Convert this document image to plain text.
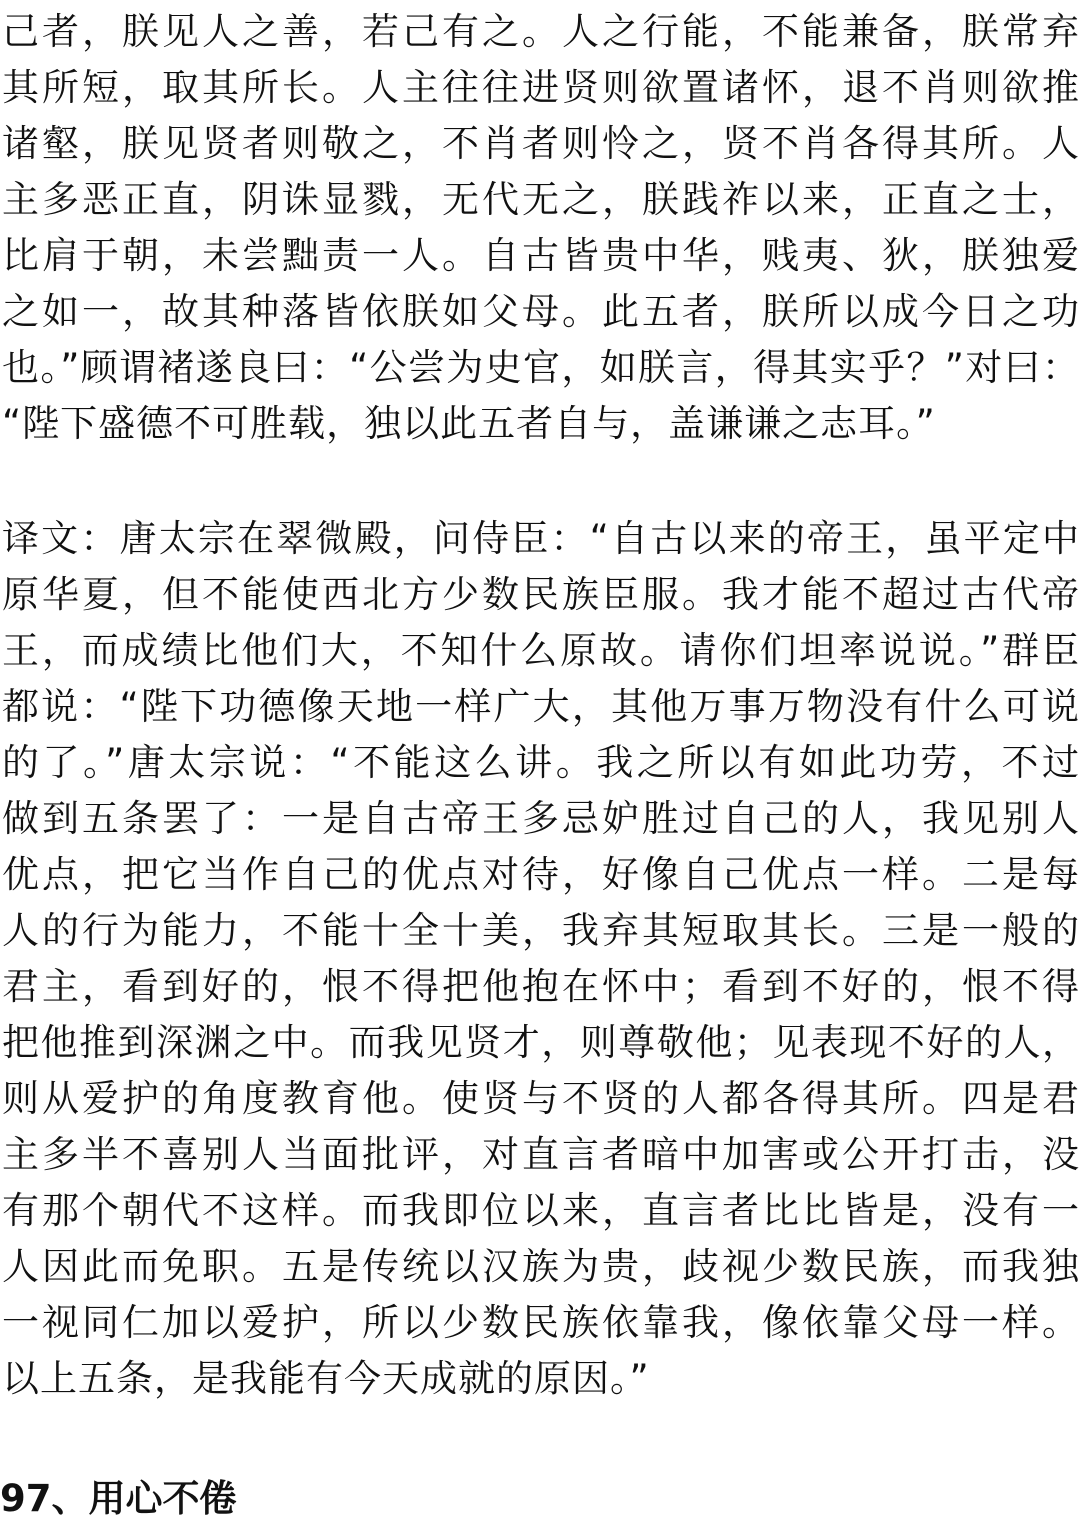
己者，朕见人之善，若己有之。人之行能，不能兼备，朕常弃
其所短，取其所长。人主往往进贤则欲置诸怀，退不肖则欲推
诸壑，朕见贤者则敬之，不肖者则怜之，贤不肖各得其所。人
主多恶正直，阴诛显戮，无代无之，朕践祚以来，正直之士，
比肩于朝，未尝黜责一人。自古皆贵中华，贱夷、狄，朕独爱
之如一，故其种落皆依朕如父母。此五者，朕所以成今日之功
也。”顾谓褚遂良曰：“公尝为史官，如朕言，得其实乎？”对曰：
“陛下盛德不可胜载，独以此五者自与，盖谦谦之志耳。”
译文：唐太宗在翠微殿，问侍臣：“自古以来的帝王，虽平定中
原华夏，但不能使西北方少数民族臣服。我才能不超过古代帝
王，而成绩比他们大，不知什么原故。请你们坦率说说。”群臣
都说：“陛下功德像天地一样广大，其他万事万物没有什么可说
的了。”唐太宗说：“不能这么讲。我之所以有如此功劳，不过
做到五条罢了：一是自古帝王多忌妒胜过自己的人，我见别人
优点，把它当作自己的优点对待，好像自己优点一样。二是每
人的行为能力，不能十全十美，我弃其短取其长。三是一般的
君主，看到好的，恨不得把他抱在怀中；看到不好的，恨不得
把他推到深渊之中。而我见贤才，则尊敬他；见表现不好的人，
则从爱护的角度教育他。使贤与不贤的人都各得其所。四是君
主多半不喜别人当面批评，对直言者暗中加害或公开打击，没
有那个朝代不这样。而我即位以来，直言者比比皆是，没有一
人因此而免职。五是传统以汉族为贵，歧视少数民族，而我独
一视同仁加以爱护，所以少数民族依靠我，像依靠父母一样。
以上五条，是我能有今天成就的原因。”
97、用心不倦
